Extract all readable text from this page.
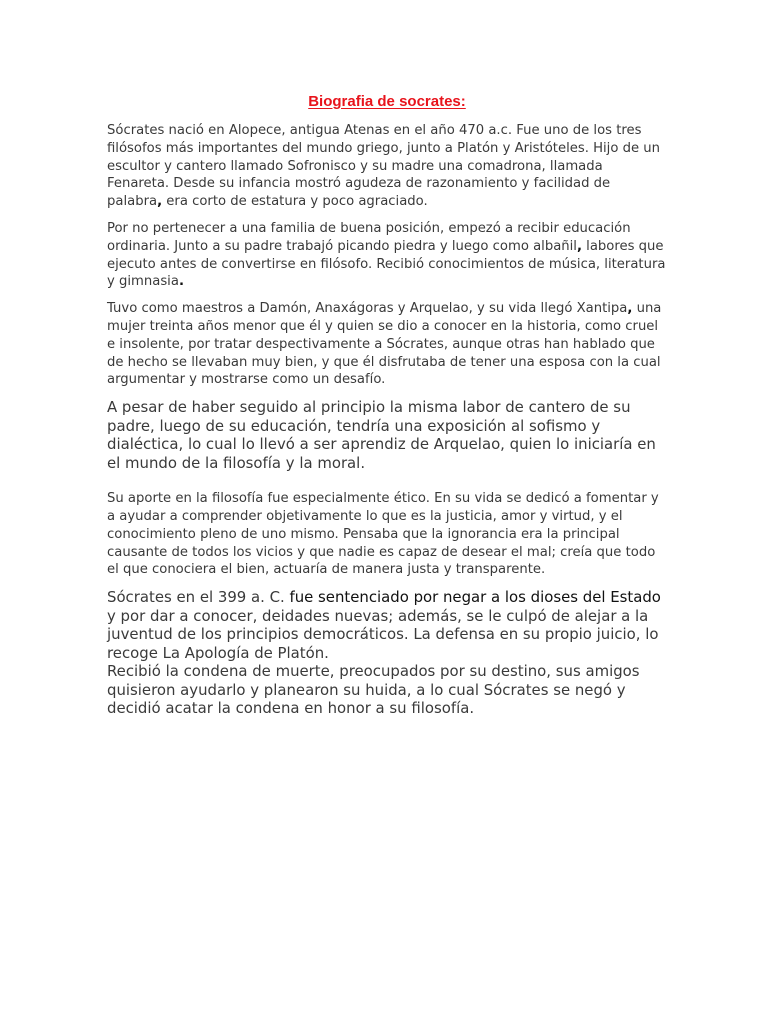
Biografia de socrates:

Sócrates nació en Alopece, antigua Atenas en el año 470 a.c. Fue uno de los tres filósofos más importantes del mundo griego, junto a Platón y Aristóteles. Hijo de un escultor y cantero llamado Sofronisco y su madre una comadrona, llamada Fenareta. Desde su infancia mostró agudeza de razonamiento y facilidad de palabra, era corto de estatura y poco agraciado.

Por no pertenecer a una familia de buena posición, empezó a recibir educación ordinaria. Junto a su padre trabajó picando piedra y luego como albañil, labores que ejecuto antes de convertirse en filósofo. Recibió conocimientos de música, literatura y gimnasia.

Tuvo como maestros a Damón, Anaxágoras y Arquelao, y su vida llegó Xantipa, una mujer treinta años menor que él y quien se dio a conocer en la historia, como cruel e insolente, por tratar despectivamente a Sócrates, aunque otras han hablado que de hecho se llevaban muy bien, y que él disfrutaba de tener una esposa con la cual argumentar y mostrarse como un desafío.

A pesar de haber seguido al principio la misma labor de cantero de su padre, luego de su educación, tendría una exposición al sofismo y dialéctica, lo cual lo llevó a ser aprendiz de Arquelao, quien lo iniciaría en el mundo de la filosofía y la moral.

Su aporte en la filosofía fue especialmente ético. En su vida se dedicó a fomentar y a ayudar a comprender objetivamente lo que es la justicia, amor y virtud, y el conocimiento pleno de uno mismo. Pensaba que la ignorancia era la principal causante de todos los vicios y que nadie es capaz de desear el mal; creía que todo el que conociera el bien, actuaría de manera justa y transparente.

Sócrates en el 399 a. C. fue sentenciado por negar a los dioses del Estado y por dar a conocer, deidades nuevas; además, se le culpó de alejar a la juventud de los principios democráticos. La defensa en su propio juicio, lo recoge La Apología de Platón.

Recibió la condena de muerte, preocupados por su destino, sus amigos quisieron ayudarlo y planearon su huida, a lo cual Sócrates se negó y decidió acatar la condena en honor a su filosofía.
